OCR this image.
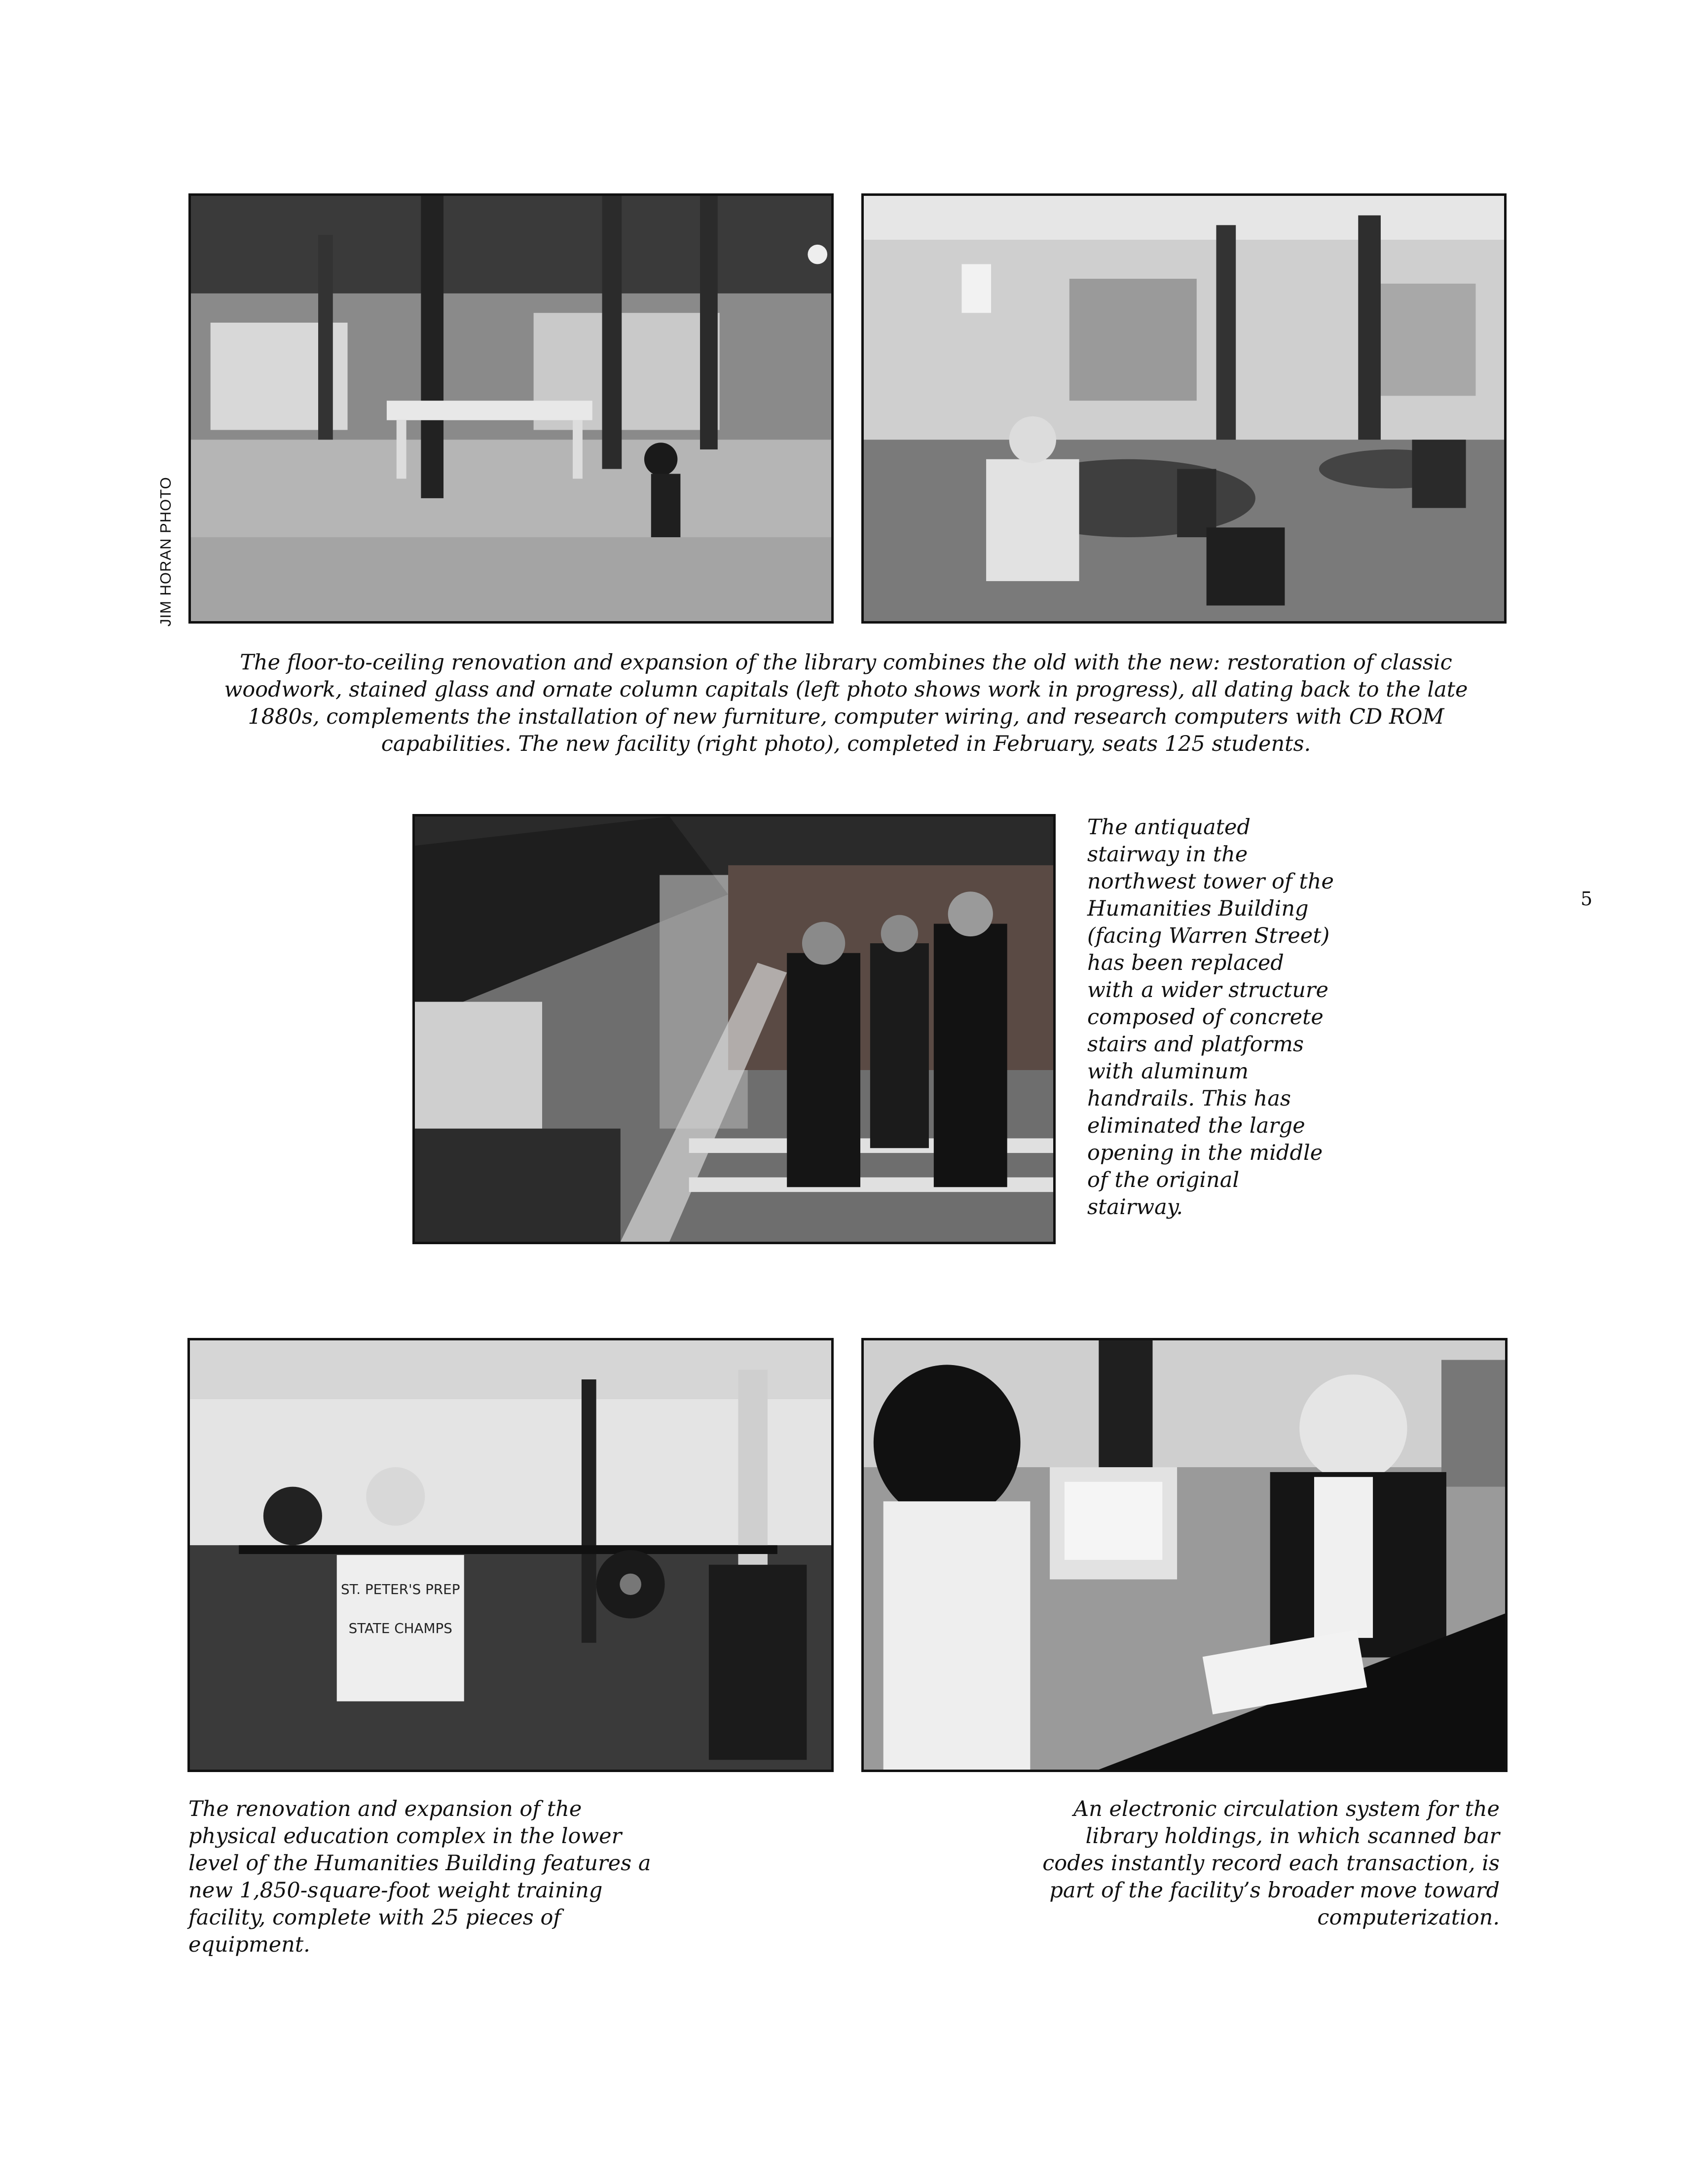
JIM HORAN PHOTO
The floor-to-ceiling renovation and expansion of the library combines the old with the new: restoration of classic woodwork, stained glass and ornate column capitals (left photo shows work in progress), all dating back to the late 1880s, complements the installation of new furniture, computer wiring, and research computers with CD ROM capabilities. The new facility (right photo), completed in February, seats 125 students.
The antiquated stairway in the northwest tower of the Humanities Building (facing Warren Street) has been replaced with a wider structure composed of concrete stairs and platforms with aluminum handrails. This has eliminated the large opening in the middle of the original stairway.
5
ST. PETER'S PREP
STATE CHAMPS
The renovation and expansion of the physical education complex in the lower level of the Humanities Building features a new 1,850-square-foot weight training facility, complete with 25 pieces of equipment.
An electronic circulation system for the library holdings, in which scanned bar codes instantly record each transaction, is part of the facility’s broader move toward computerization.
